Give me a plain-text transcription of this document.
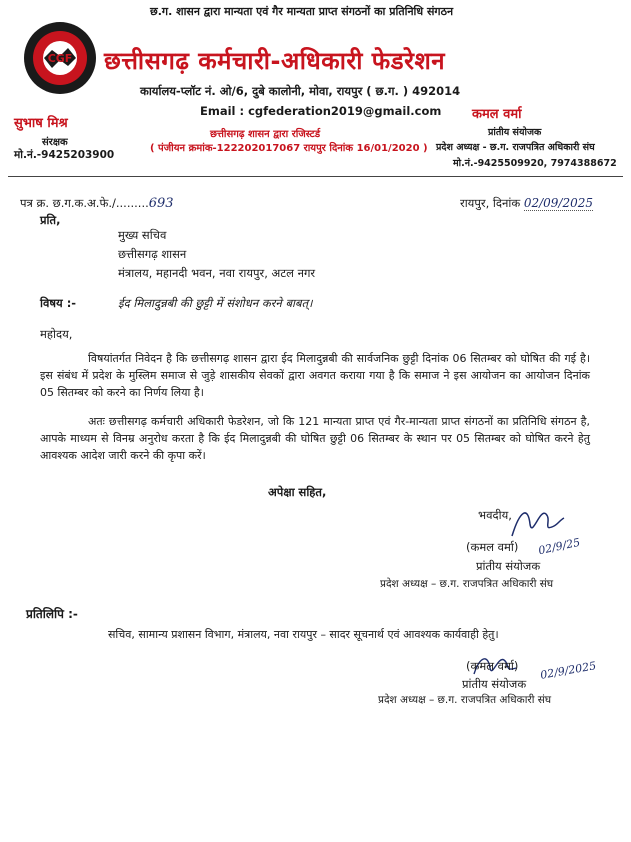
CGF
छ.ग. शासन द्वारा मान्यता एवं गैर मान्यता प्राप्त संगठनों का प्रतिनिधि संगठन
छत्तीसगढ़ कर्मचारी-अधिकारी फेडरेशन
कार्यालय-प्लॉट नं. ओ/6, दुबे कालोनी, मोवा, रायपुर ( छ.ग. ) 492014
Email : cgfederation2019@gmail.com
छत्तीसगढ़ शासन द्वारा रजिस्टर्ड
( पंजीयन क्रमांक-122202017067 रायपुर दिनांक 16/01/2020 )
सुभाष मिश्र
संरक्षक
मो.नं.-9425203900
कमल वर्मा
प्रांतीय संयोजक
प्रदेश अध्यक्ष - छ.ग. राजपत्रित अधिकारी संघ
मो.नं.-9425509920, 7974388672
पत्र क्र. छ.ग.क.अ.फे./.........693	रायपुर, दिनांक 02/09/2025
प्रति,
मुख्य सचिव
छत्तीसगढ़ शासन
मंत्रालय, महानदी भवन, नवा रायपुर, अटल नगर
विषय :-	ईद मिलादुन्नबी की छुट्टी में संशोधन करने बाबत्।
महोदय,
विषयांतर्गत निवेदन है कि छत्तीसगढ़ शासन द्वारा ईद मिलादुन्नबी की सार्वजनिक छुट्टी दिनांक 06 सितम्बर को घोषित की गई है। इस संबंध में प्रदेश के मुस्लिम समाज से जुड़े शासकीय सेवकों द्वारा अवगत कराया गया है कि समाज ने इस आयोजन का आयोजन दिनांक 05 सितम्बर को करने का निर्णय लिया है।
अतः छत्तीसगढ़ कर्मचारी अधिकारी फेडरेशन, जो कि 121 मान्यता प्राप्त एवं गैर-मान्यता प्राप्त संगठनों का प्रतिनिधि संगठन है, आपके माध्यम से विनम्र अनुरोध करता है कि ईद मिलादुन्नबी की घोषित छुट्टी 06 सितम्बर के स्थान पर 05 सितम्बर को घोषित करने हेतु आवश्यक आदेश जारी करने की कृपा करें।
अपेक्षा सहित,
भवदीय,
(कमल वर्मा) 02/9/25
प्रांतीय संयोजक
प्रदेश अध्यक्ष – छ.ग. राजपत्रित अधिकारी संघ
प्रतिलिपि :-
सचिव, सामान्य प्रशासन विभाग, मंत्रालय, नवा रायपुर – सादर सूचनार्थ एवं आवश्यक कार्यवाही हेतु।
(कमल वर्मा) 02/9/2025
प्रांतीय संयोजक
प्रदेश अध्यक्ष – छ.ग. राजपत्रित अधिकारी संघ
